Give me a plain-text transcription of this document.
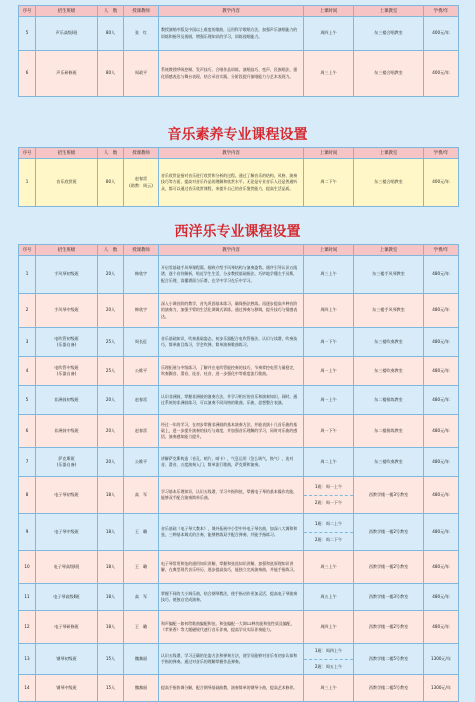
序号	招生班级	人　数	授课教师	教学内容	上课时间	上课教室	学费/年
5	声乐高级Ⅰ班	80人	张　红	教授演唱中版及中国以上难度的歌曲，运用科学歌唱方法，加强声乐演唱能力的训练和指导及视唱，增强乐理知识的学习，训练视唱能力。	周四上午	东三楼合唱教室	400元/年
6	声乐研修班	80人	周政平	系统教授呼吸控制、发声技巧、合唱作品训练，演唱技巧、变声、民族唱法、强化情感表达与舞台表现、结合录音实践、分阶段提升演唱能力与艺术表现力。	周三上午	东三楼合唱教室	400元/年
音乐素养专业课程设置
序号	招生班级	人　数	授课教师	教学内容	上课时间	上课教室	学费/年
1	音乐欣赏班	80人	赵春雷
(助教：周云)	音乐欣赏是指对音乐进行欣赏和分析的过程。通过了解音乐的结构、风格、演奏技巧等方面，提高对音乐作品的理解和欣赏水平。无论是专业音乐人还是普通听众，都可以通过音乐欣赏课程，来提升自己的音乐鉴赏能力，提高生活品质。	周二下午	东三楼合唱教室	400元/年
西洋乐专业课程设置
序号	招生班级	人　数	授课教师	教学内容	上课时间	上课教室	学费/年
1	手风琴初级班	20人	韩欣宇	开启零基础手风琴课程篇，细致介绍手风琴结构与演奏姿势。循序引导认识五线谱，逐个音符解析，贴近学生生活，分步教授基础指法，巧妙地学懂左手贝斯，配合乐理，读懂谱面与乐谱，在学中学习在乐中学习。	周三上午	东三楼手风琴教室	480元/年
2	手风琴中级班	20人	韩欣宇	深入小调音阶的教学，首先巩固基本练习，确保指法熟练。再逐步提高多种音阶的演奏力，加强手臂的生活化调调式训练。通过弹奏与移调，提升技巧与情感表达。	周四上午	东三楼手风琴教室	480元/年
3	电吹管初级班
(乐器自备)	25人	周长征	音乐基础知识，吹奏基础姿态，初步乐器配合电吹管指法、认识与读谱，吹奏技巧，简单曲目练习，学会吹弹、简单演奏歌曲练习。	周一下午	东三楼吹奏教室	480元/年
4	电吹管中级班
(乐器自备)	25人	公维平	乐理拓展与中级练习，了解并在电吹管能控奏的技巧，节奏掌控电管力量稳定，吹奏颤音、滑音、连音、吐音、进一步强化中等难度流行歌曲。	周一上午	东三楼吹奏教室	480元/年
5	非洲鼓初级班	20人	赵春雷	认识非洲鼓，掌握非洲鼓的演奏方法，并学习相应的音乐和演奏知识，同时，通过系统的非洲鼓练习，可以演奏不同风格的歌曲，乐曲，思想整合表演。	周一上午	东二楼排练教室	480元/年
6	非洲鼓中级班	20人	赵春雷	经过一年的学习，在初步掌握非洲鼓的基本演奏方法，并能表演十几首乐曲的基础上，进一步提升演奏的技巧与难度，并加强音乐理解的学习，同时对乐曲的感悟，演奏感知能力提升。	周一下午	东二楼排练教室	480元/年
7	萨克斯班
(乐器自备)	20人	公维平	讲解萨克斯构造（音孔、哨片、哨卡），气息运用（急么吸气，换气），连对音、滑音、五度演奏入门，简单流行歌曲，萨克斯和演奏。	周二上午	东三楼吹奏教室	480元/年
8	电子琴初级班	18人	高　军	学习基本乐理知识，认识五线谱，学习多指和弦，掌握电子琴的基本操作功能，能够双手配合演奏简单乐曲。	1班：周一上午
2班：周一下午	西教学楼一楼3号教室	480元/年
9	电子琴中级班	18人	王　璐	音乐基础《电子琴大教本》，课外拓展中小型中外电子琴名曲，加深八大调和和弦，三种基本调式的合奏，能够熟练双手配合弹奏，并能手指练习。	1班：周二上午
2班：周二下午	西教学楼一楼2号教室	480元/年
10	电子琴高级Ⅰ班	18人	王　璐	电子琴常用和弦的通用知识讲解，掌握和弦选知识讲解，加强和弦原理知识讲解，在典型现代音乐经历，逐步提高技巧，能独立完成演奏曲，并能手指练习。	周三上午	西教学楼一楼2号教室	480元/年
11	电子琴高级Ⅱ班	18人	高　军	掌握不同的大小调乐曲，结合钢琴教法，使手指动作更加灵活，提高电子琴演奏技巧，使独自完成演奏。	周五上午	西教学楼一楼3号教室	480元/年
12	电子琴研修班	18人	王　璐	和声编配一如何给歌曲编配和弦，和弦编配一大调12种功能和弦性质及编配，《苹果香》等大题磁规代速行音乐伴奏，提高学员实际伴奏能力。	周四上午	西教学楼一楼2号教室	480元/年
13	钢琴初级班	15人	魏黎丽	认识五线谱，学习正确的坐姿方法和弹奏方法，使学员能够对音乐有初步认知和手指的弹奏。通过对音乐的理解掌握作品弹奏。	1班：周四上午
2班：周五上午	西教学楼二楼5号教室	1300元/年
14	钢琴中级班	15人	魏黎丽	提高手指协调分解，配合钢琴基础曲教，演奏简单的钢琴小曲，提高艺术修养。	周三上午	西教学楼二楼5号教室	1300元/年
